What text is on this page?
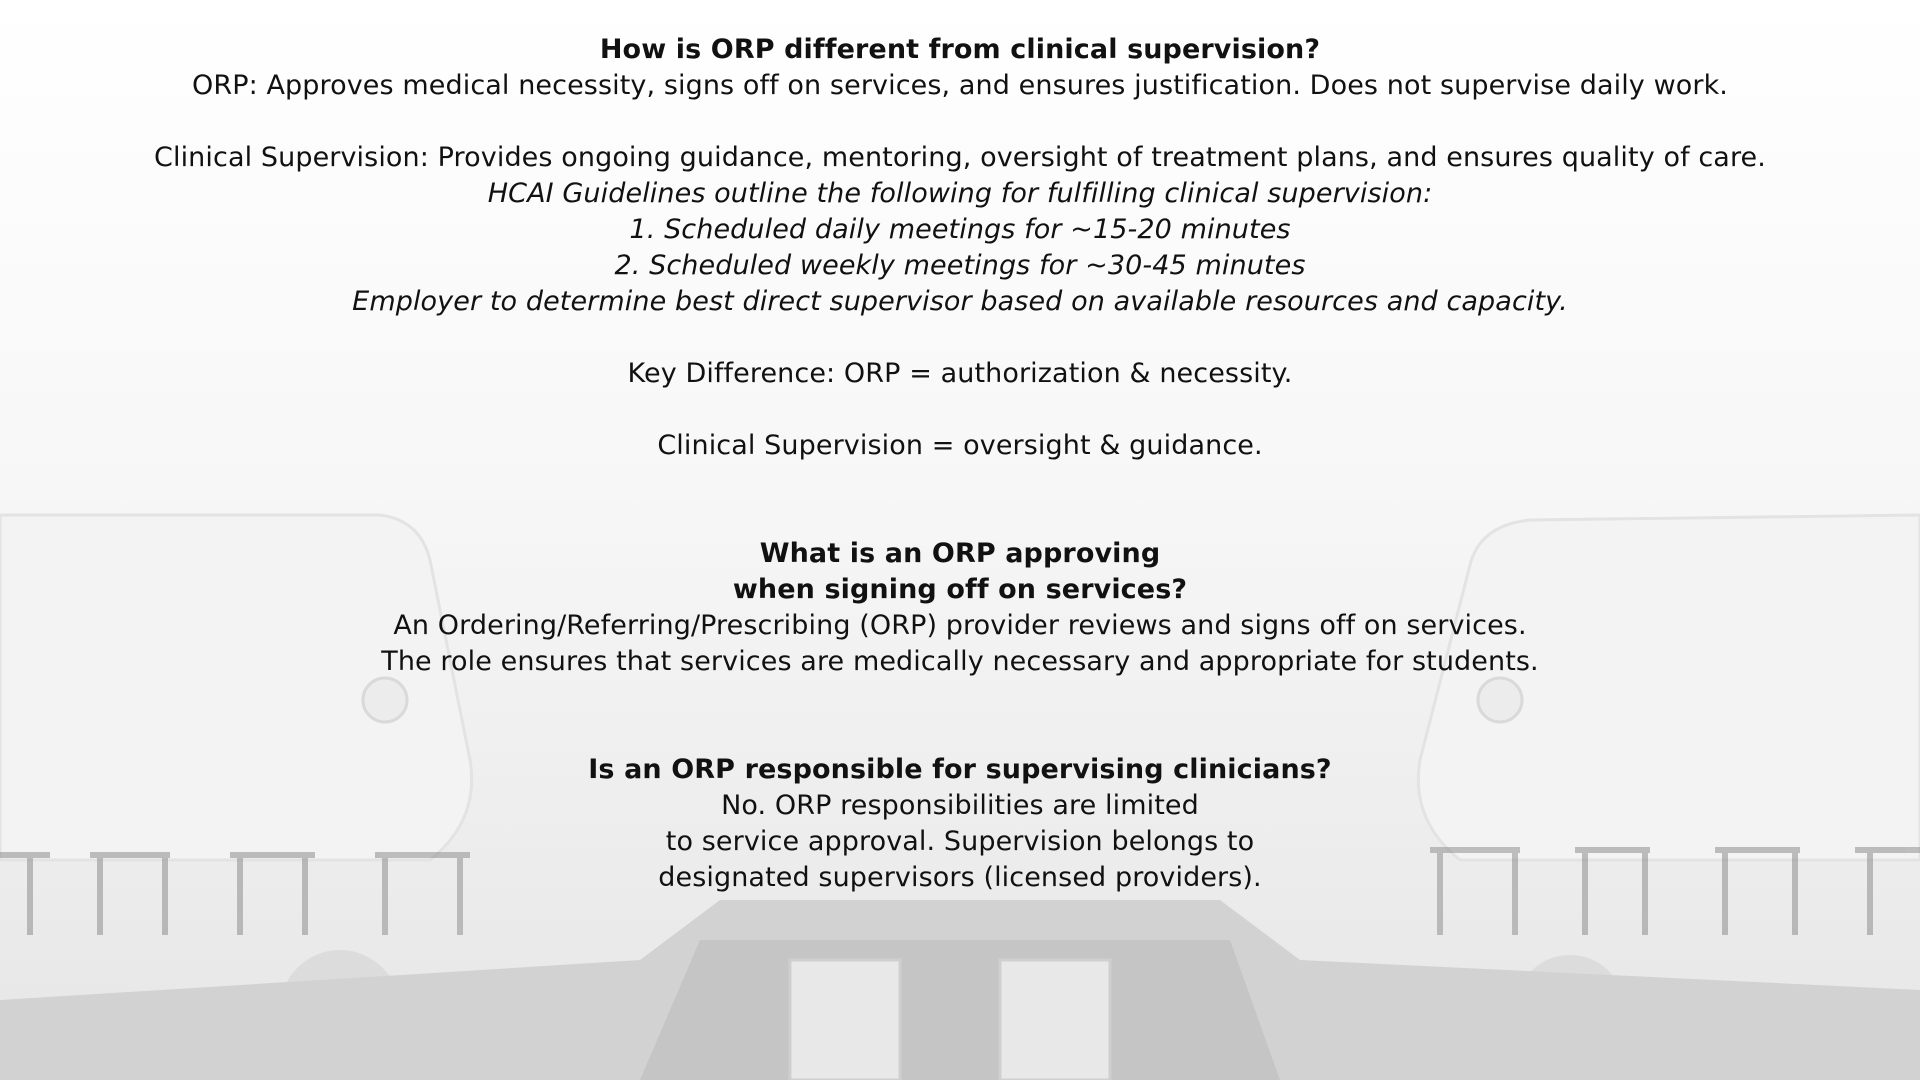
How is ORP different from clinical supervision?
ORP: Approves medical necessity, signs off on services, and ensures justification. Does not supervise daily work.
Clinical Supervision: Provides ongoing guidance, mentoring, oversight of treatment plans, and ensures quality of care.
HCAI Guidelines outline the following for fulfilling clinical supervision:
1. Scheduled daily meetings for ~15-20 minutes
2. Scheduled weekly meetings for ~30-45 minutes
Employer to determine best direct supervisor based on available resources and capacity.
Key Difference: ORP = authorization & necessity.
Clinical Supervision = oversight & guidance.
What is an ORP approving
when signing off on services?
An Ordering/Referring/Prescribing (ORP) provider reviews and signs off on services.
The role ensures that services are medically necessary and appropriate for students.
Is an ORP responsible for supervising clinicians?
No. ORP responsibilities are limited
to service approval. Supervision belongs to
designated supervisors (licensed providers).
